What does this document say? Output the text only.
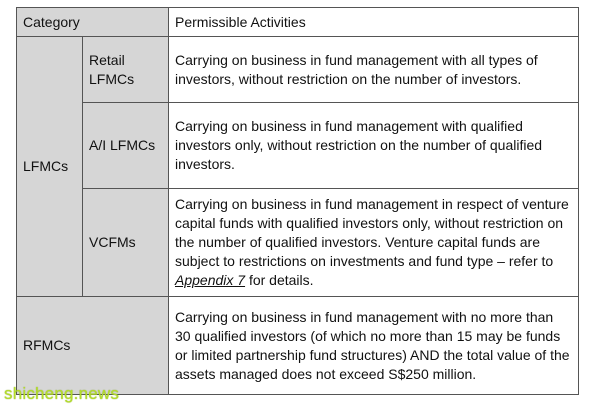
Category		Permissible Activities
LFMCs	Retail LFMCs	Carrying on business in fund management with all types of investors, without restriction on the number of investors.
	A/I LFMCs	Carrying on business in fund management with qualified investors only, without restriction on the number of qualified investors.
	VCFMs	Carrying on business in fund management in respect of venture capital funds with qualified investors only, without restriction on the number of qualified investors. Venture capital funds are subject to restrictions on investments and fund type – refer to Appendix 7 for details.
RFMCs		Carrying on business in fund management with no more than 30 qualified investors (of which no more than 15 may be funds or limited partnership fund structures) AND the total value of the assets managed does not exceed S$250 million.
shicheng.news
